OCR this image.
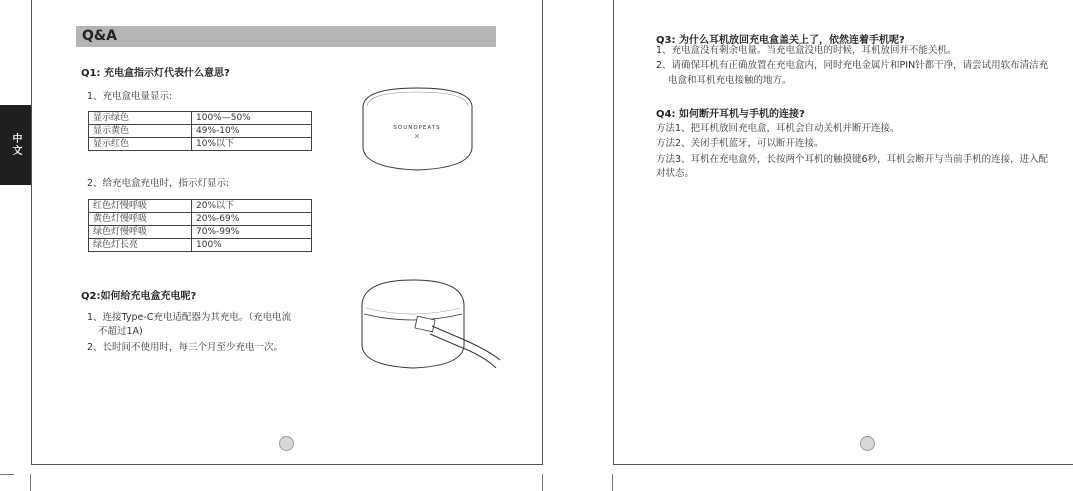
中文
Q&A
Q1: 充电盒指示灯代表什么意思?
1、充电盒电量显示:
显示绿色	100%—50%
显示黄色	49%-10%
显示红色	10%以下
2、给充电盒充电时，指示灯显示:
红色灯慢呼吸	20%以下
黄色灯慢呼吸	20%-69%
绿色灯慢呼吸	70%-99%
绿色灯长亮	100%
Q2:如何给充电盒充电呢?
1、连接Type-C充电适配器为其充电。（充电电流
不超过1A)
2、长时间不使用时，每三个月至少充电一次。
SOUNDPEATS
Q3: 为什么耳机放回充电盒盖关上了，依然连着手机呢?
1、充电盒没有剩余电量。当充电盒没电的时候，耳机放回并不能关机。
2、请确保耳机有正确放置在充电盒内，同时充电金属片和PIN针都干净，请尝试用软布清洁充
电盒和耳机充电接触的地方。
Q4: 如何断开耳机与手机的连接?
方法1、把耳机放回充电盒，耳机会自动关机并断开连接。
方法2、关闭手机蓝牙，可以断开连接。
方法3、耳机在充电盒外，长按两个耳机的触摸键6秒，耳机会断开与当前手机的连接，进入配
对状态。
